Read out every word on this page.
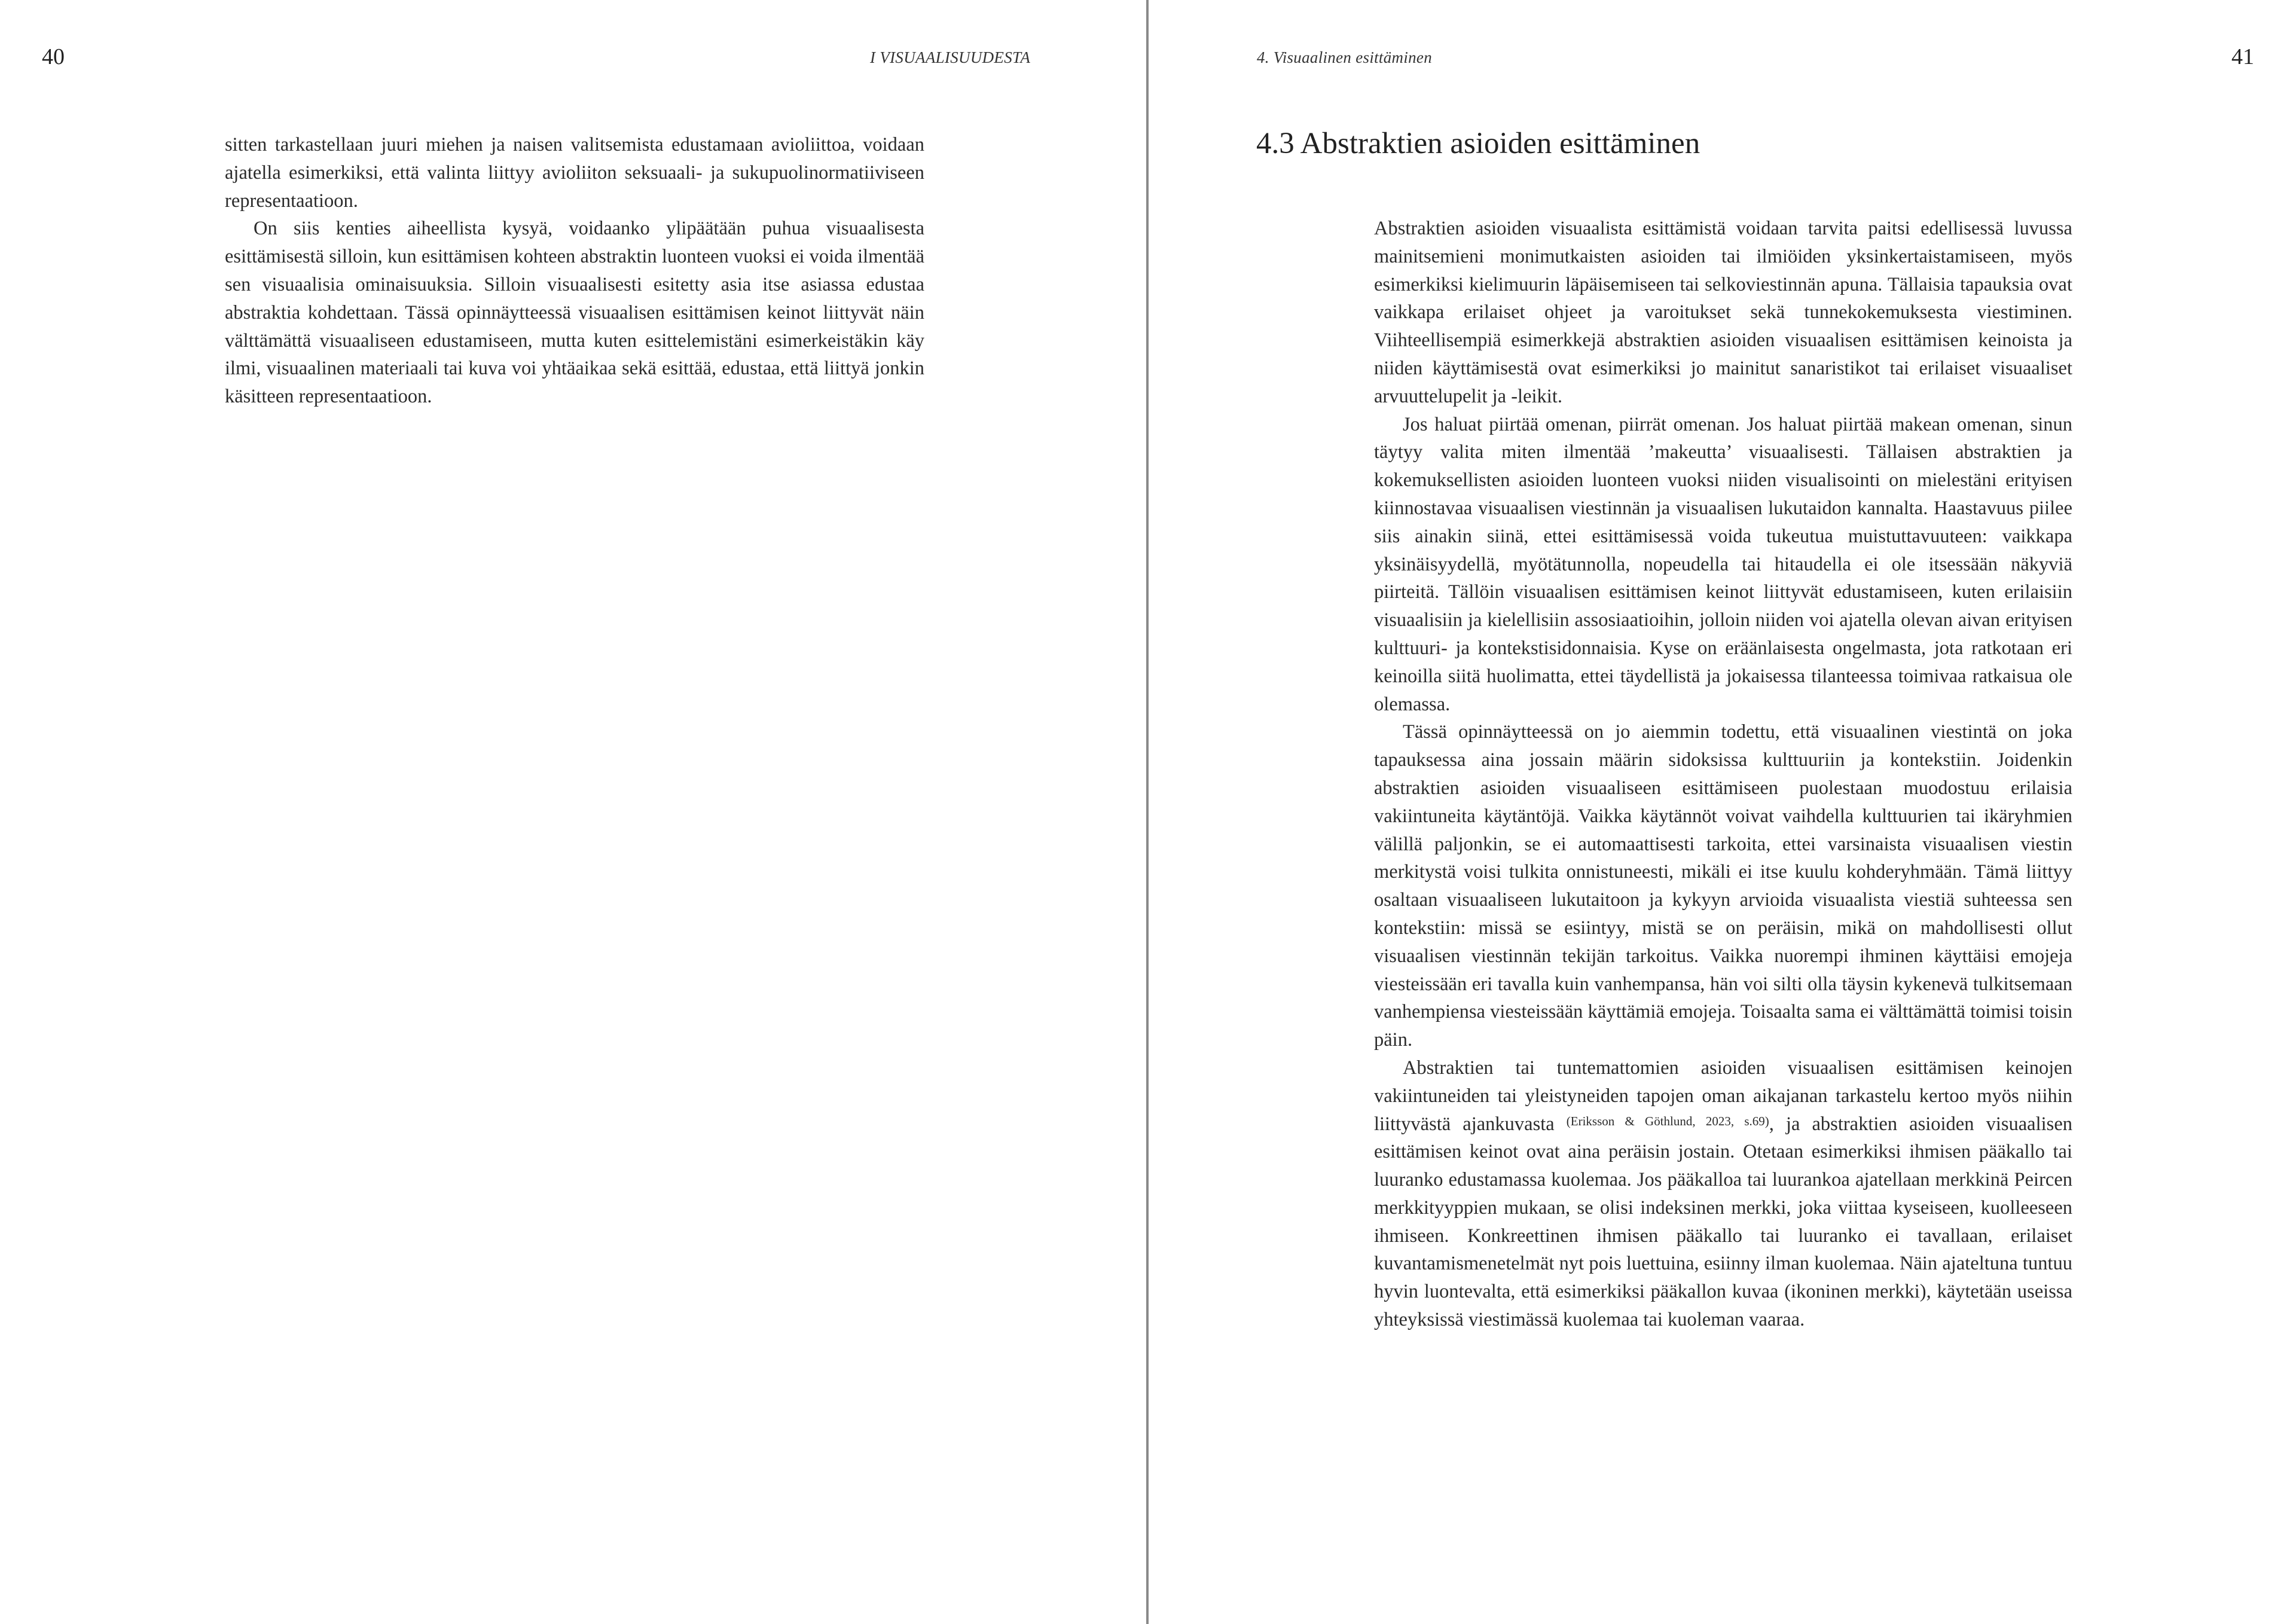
40	I VISUAALISUUDESTA

sitten tarkastellaan juuri miehen ja naisen valitsemista edustamaan avioliittoa, voidaan ajatella esimerkiksi, että valinta liittyy avioliiton seksuaali- ja sukupuolinormatiiviseen representaatioon.

On siis kenties aiheellista kysyä, voidaanko ylipäätään puhua visuaalisesta esittämisestä silloin, kun esittämisen kohteen abstraktin luonteen vuoksi ei voida ilmentää sen visuaalisia ominaisuuksia. Silloin visuaalisesti esitetty asia itse asiassa edustaa abstraktia kohdettaan. Tässä opinnäytteessä visuaalisen esittämisen keinot liittyvät näin välttämättä visuaaliseen edustamiseen, mutta kuten esittelemistäni esimerkeistäkin käy ilmi, visuaalinen materiaali tai kuva voi yhtäaikaa sekä esittää, edustaa, että liittyä jonkin käsitteen representaatioon.

4. Visuaalinen esittäminen	41
4.3 Abstraktien asioiden esittäminen

Abstraktien asioiden visuaalista esittämistä voidaan tarvita paitsi edellisessä luvussa mainitsemieni monimutkaisten asioiden tai ilmiöiden yksinkertaistamiseen, myös esimerkiksi kielimuurin läpäisemiseen tai selkoviestinnän apuna. Tällaisia tapauksia ovat vaikkapa erilaiset ohjeet ja varoitukset sekä tunnekokemuksesta viestiminen. Viihteellisempiä esimerkkejä abstraktien asioiden visuaalisen esittämisen keinoista ja niiden käyttämisestä ovat esimerkiksi jo mainitut sanaristikot tai erilaiset visuaaliset arvuuttelupelit ja -leikit.

Jos haluat piirtää omenan, piirrät omenan. Jos haluat piirtää makean omenan, sinun täytyy valita miten ilmentää ’makeutta’ visuaalisesti. Tällaisen abstraktien ja kokemuksellisten asioiden luonteen vuoksi niiden visualisointi on mielestäni erityisen kiinnostavaa visuaalisen viestinnän ja visuaalisen lukutaidon kannalta. Haastavuus piilee siis ainakin siinä, ettei esittämisessä voida tukeutua muistuttavuuteen: vaikkapa yksinäisyydellä, myötätunnolla, nopeudella tai hitaudella ei ole itsessään näkyviä piirteitä. Tällöin visuaalisen esittämisen keinot liittyvät edustamiseen, kuten erilaisiin visuaalisiin ja kielellisiin assosiaatioihin, jolloin niiden voi ajatella olevan aivan erityisen kulttuuri- ja kontekstisidonnaisia. Kyse on eräänlaisesta ongelmasta, jota ratkotaan eri keinoilla siitä huolimatta, ettei täydellistä ja jokaisessa tilanteessa toimivaa ratkaisua ole olemassa.

Tässä opinnäytteessä on jo aiemmin todettu, että visuaalinen viestintä on joka tapauksessa aina jossain määrin sidoksissa kulttuuriin ja kontekstiin. Joidenkin abstraktien asioiden visuaaliseen esittämiseen puolestaan muodostuu erilaisia vakiintuneita käytäntöjä. Vaikka käytännöt voivat vaihdella kulttuurien tai ikäryhmien välillä paljonkin, se ei automaattisesti tarkoita, ettei varsinaista visuaalisen viestin merkitystä voisi tulkita onnistuneesti, mikäli ei itse kuulu kohderyhmään. Tämä liittyy osaltaan visuaaliseen lukutaitoon ja kykyyn arvioida visuaalista viestiä suhteessa sen kontekstiin: missä se esiintyy, mistä se on peräisin, mikä on mahdollisesti ollut visuaalisen viestinnän tekijän tarkoitus. Vaikka nuorempi ihminen käyttäisi emojeja viesteissään eri tavalla kuin vanhempansa, hän voi silti olla täysin kykenevä tulkitsemaan vanhempiensa viesteissään käyttämiä emojeja. Toisaalta sama ei välttämättä toimisi toisin päin.

Abstraktien tai tuntemattomien asioiden visuaalisen esittämisen keinojen vakiintuneiden tai yleistyneiden tapojen oman aikajanan tarkastelu kertoo myös niihin liittyvästä ajankuvasta $^{(Eriksson \& Göthlund, 2023, s.69)}$, ja abstraktien asioiden visuaalisen esittämisen keinot ovat aina peräisin jostain. Otetaan esimerkiksi ihmisen pääkallo tai luuranko edustamassa kuolemaa. Jos pääkalloa tai luurankoa ajatellaan merkkinä Peircen merkkityyppien mukaan, se olisi indeksinen merkki, joka viittaa kyseiseen, kuolleeseen ihmiseen. Konkreettinen ihmisen pääkallo tai luuranko ei tavallaan, erilaiset kuvantamismenetelmät nyt pois luettuina, esiinny ilman kuolemaa. Näin ajateltuna tuntuu hyvin luontevalta, että esimerkiksi pääkallon kuvaa (ikoninen merkki), käytetään useissa yhteyksissä viestimässä kuolemaa tai kuoleman vaaraa.
